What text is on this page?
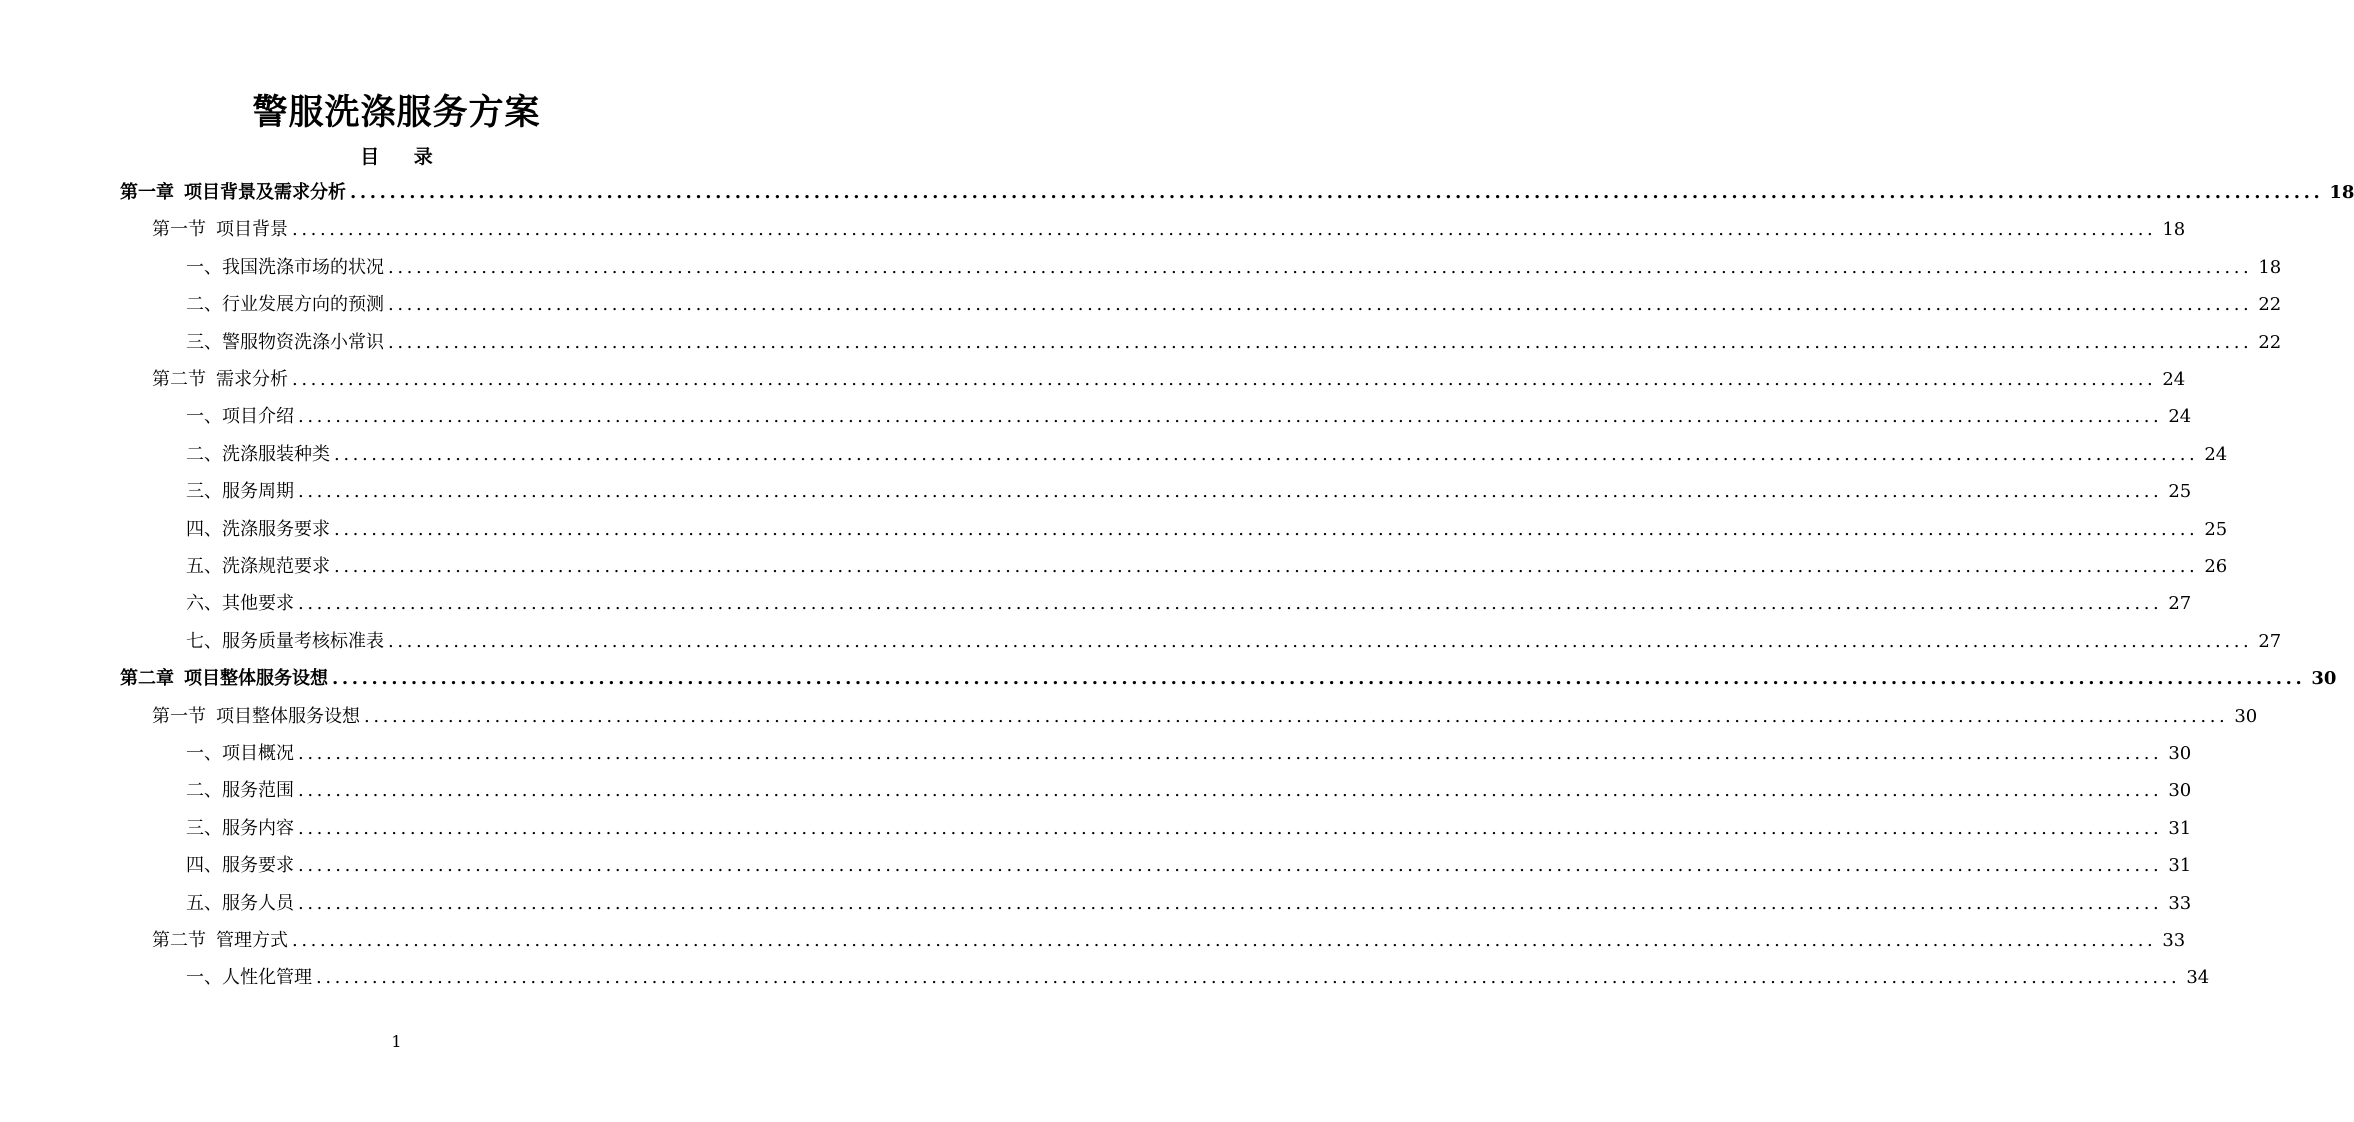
警服洗涤服务方案
目 录
第一章 项目背景及需求分析 ........................................................................................................................................................................................................ 18
第一节 项目背景 ........................................................................................................................................................................................................ 18
一、我国洗涤市场的状况 ........................................................................................................................................................................................................ 18
二、行业发展方向的预测 ........................................................................................................................................................................................................ 22
三、警服物资洗涤小常识 ........................................................................................................................................................................................................ 22
第二节 需求分析 ........................................................................................................................................................................................................ 24
一、项目介绍 ........................................................................................................................................................................................................ 24
二、洗涤服装种类 ........................................................................................................................................................................................................ 24
三、服务周期 ........................................................................................................................................................................................................ 25
四、洗涤服务要求 ........................................................................................................................................................................................................ 25
五、洗涤规范要求 ........................................................................................................................................................................................................ 26
六、其他要求 ........................................................................................................................................................................................................ 27
七、服务质量考核标准表 ........................................................................................................................................................................................................ 27
第二章 项目整体服务设想 ........................................................................................................................................................................................................ 30
第一节 项目整体服务设想 ........................................................................................................................................................................................................ 30
一、项目概况 ........................................................................................................................................................................................................ 30
二、服务范围 ........................................................................................................................................................................................................ 30
三、服务内容 ........................................................................................................................................................................................................ 31
四、服务要求 ........................................................................................................................................................................................................ 31
五、服务人员 ........................................................................................................................................................................................................ 33
第二节 管理方式 ........................................................................................................................................................................................................ 33
一、人性化管理 ........................................................................................................................................................................................................ 34
1
